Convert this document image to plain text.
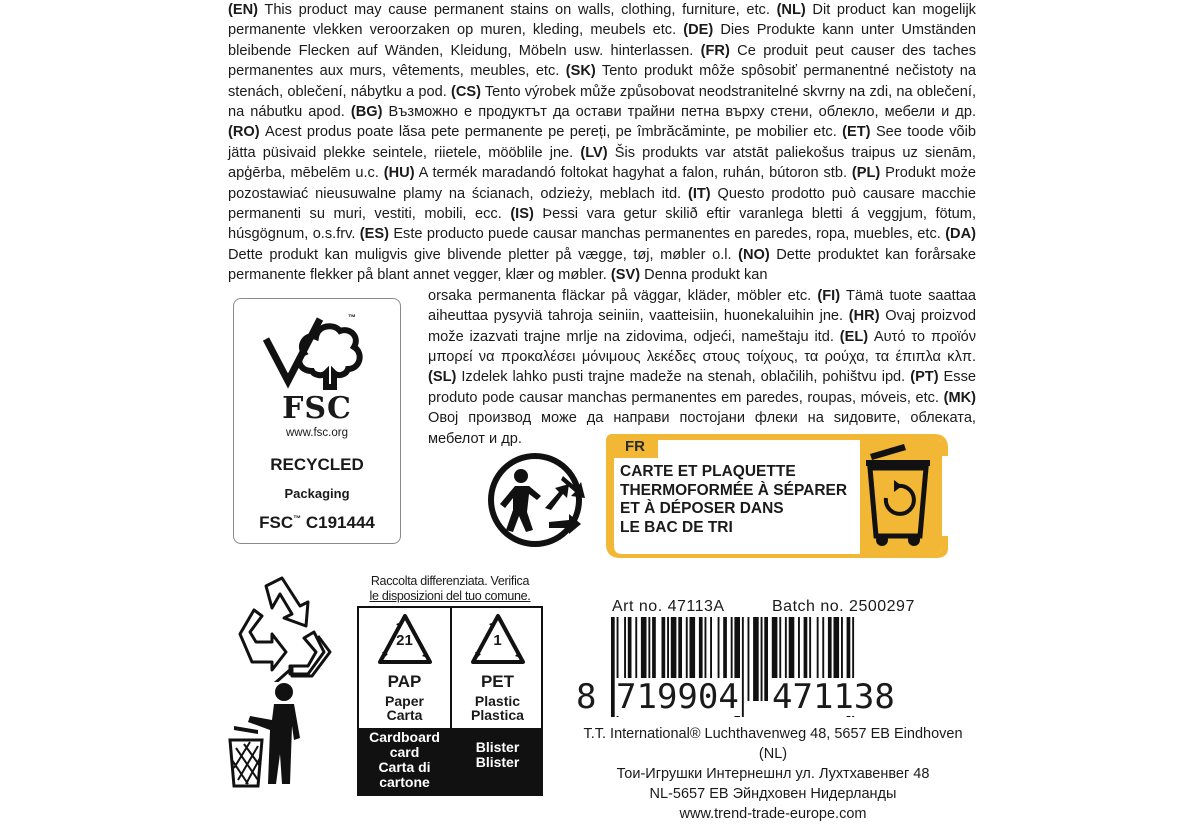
(EN) This product may cause permanent stains on walls, clothing, furniture, etc. (NL) Dit product kan mogelijk permanente vlekken veroorzaken op muren, kleding, meubels etc. (DE) Dies Produkte kann unter Umständen bleibende Flecken auf Wänden, Kleidung, Möbeln usw. hinterlassen. (FR) Ce produit peut causer des taches permanentes aux murs, vêtements, meubles, etc. (SK) Tento produkt môže spôsobiť permanentné nečistoty na stenách, oblečení, nábytku a pod. (CS) Tento výrobek může způsobovat neodstranitelné skvrny na zdi, na oblečení, na nábutku apod. (BG) Възможно е продуктът да остави трайни петна върху стени, облекло, мебели и др. (RO) Acest produs poate lăsa pete permanente pe pereți, pe îmbrăcăminte, pe mobilier etc. (ET) See toode võib jätta püsivaid plekke seintele, riietele, mööblile jne. (LV) Šis produkts var atstāt paliekošus traipus uz sienām, apģērba, mēbelēm u.c. (HU) A termék maradandó foltokat hagyhat a falon, ruhán, bútoron stb. (PL) Produkt może pozostawiać nieusuwalne plamy na ścianach, odzieży, meblach itd. (IT) Questo prodotto può causare macchie permanenti su muri, vestiti, mobili, ecc. (IS) Þessi vara getur skilið eftir varanlega bletti á veggjum, fötum, húsgögnum, o.s.frv. (ES) Este producto puede causar manchas permanentes en paredes, ropa, muebles, etc. (DA) Dette produkt kan muligvis give blivende pletter på vægge, tøj, møbler o.l. (NO) Dette produktet kan forårsake permanente flekker på blant annet vegger, klær og møbler. (SV) Denna produkt kan
orsaka permanenta fläckar på väggar, kläder, möbler etc. (FI) Tämä tuote saattaa aiheuttaa pysyviä tahroja seiniin, vaatteisiin, huonekaluihin jne. (HR) Ovaj proizvod može izazvati trajne mrlje na zidovima, odjeći, nameštaju itd. (EL) Αυτό το προϊόν μπορεί να προκαλέσει μόνιμους λεκέδες στους τοίχους, τα ρούχα, τα έπιπλα κλπ. (SL) Izdelek lahko pusti trajne madeže na stenah, oblačilih, pohištvu ipd. (PT) Esse produto pode causar manchas permanentes em paredes, roupas, móveis, etc. (MK) Овој производ може да направи постојани флеки на ѕидовите, облеката, мебелот и др.
™
FSC
www.fsc.org
RECYCLED
Packaging
FSC™ C191444
FR
CARTE ET PLAQUETTE
THERMOFORMÉE À SÉPARER
ET À DÉPOSER DANS
LE BAC DE TRI
Raccolta differenziata. Verifica
le disposizioni del tuo comune.
21
PAP
Paper
Carta
Cardboard
card
Carta di
cartone
1
PET
Plastic
Plastica
Blister
Blister
Art no. 47113A	Batch no. 2500297
8 719904 471138
T.T. International® Luchthavenweg 48, 5657 EB Eindhoven (NL)
Тои-Игрушки Интернешнл ул. Лухтхавенвег 48
NL-5657 ЕВ Эйндховен Нидерланды
www.trend-trade-europe.com
